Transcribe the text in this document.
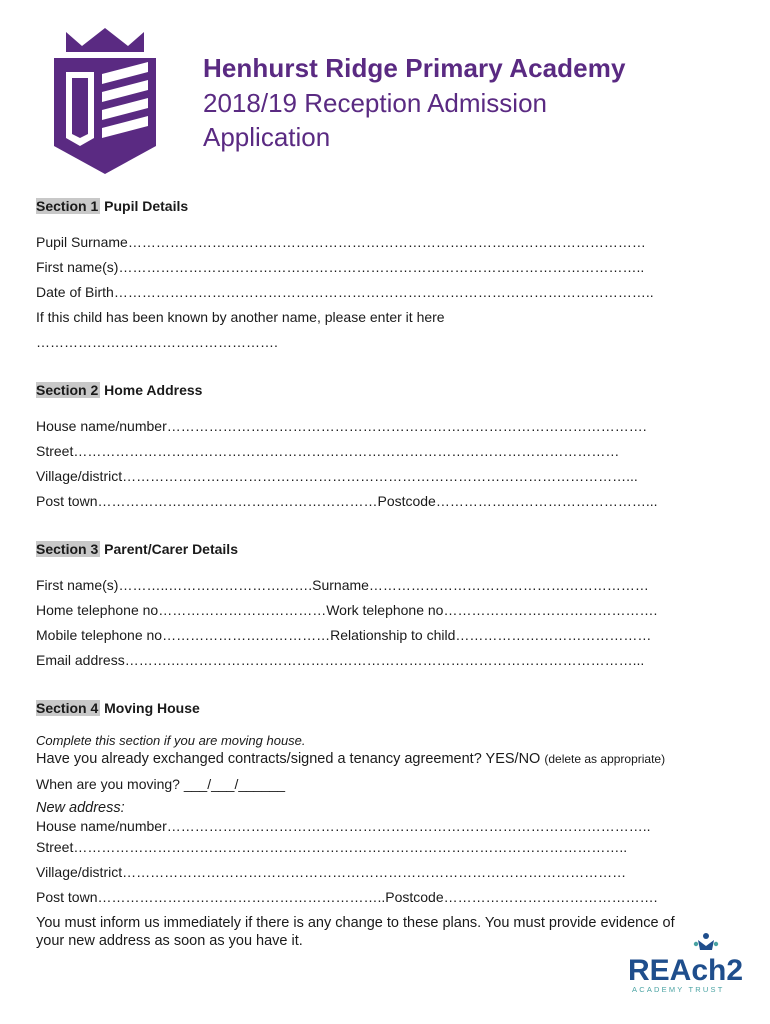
Henhurst Ridge Primary Academy
2018/19 Reception Admission
Application
Section 1 Pupil Details
Pupil Surname…………………………………………………………………………………………………
First name(s)…………………………………………………………………………………………………..
Date of Birth……………………………………………………………………………………………………..
If this child has been known by another name, please enter it here
…………………………………………….
Section 2 Home Address
House name/number………………………………………………………………………………………….
Street………………………………………………………………………………………………………
Village/district………………………………………………………………………………………………...
Post town……………………………………………………Postcode………………………………………...
Section 3 Parent/Carer Details
First name(s)………..………………………….Surname……………………………………………………
Home telephone no………………………………Work telephone no……………………………………….
Mobile telephone no………………………………Relationship to child……………………………………
Email address……….………………………………………………………………………………………...
Section 4 Moving House
Complete this section if you are moving house.
Have you already exchanged contracts/signed a tenancy agreement? YES/NO (delete as appropriate)
When are you moving? ___/___/______
New address:
House name/number…………………………………………………………………………………………..
Street………………………………………………………………………………………………………..
Village/district………………………………………………………………………………………………
Post town……………………………………………………..Postcode……………………………………….
You must inform us immediately if there is any change to these plans. You must provide evidence of
your new address as soon as you have it.
REAch2
ACADEMY TRUST
